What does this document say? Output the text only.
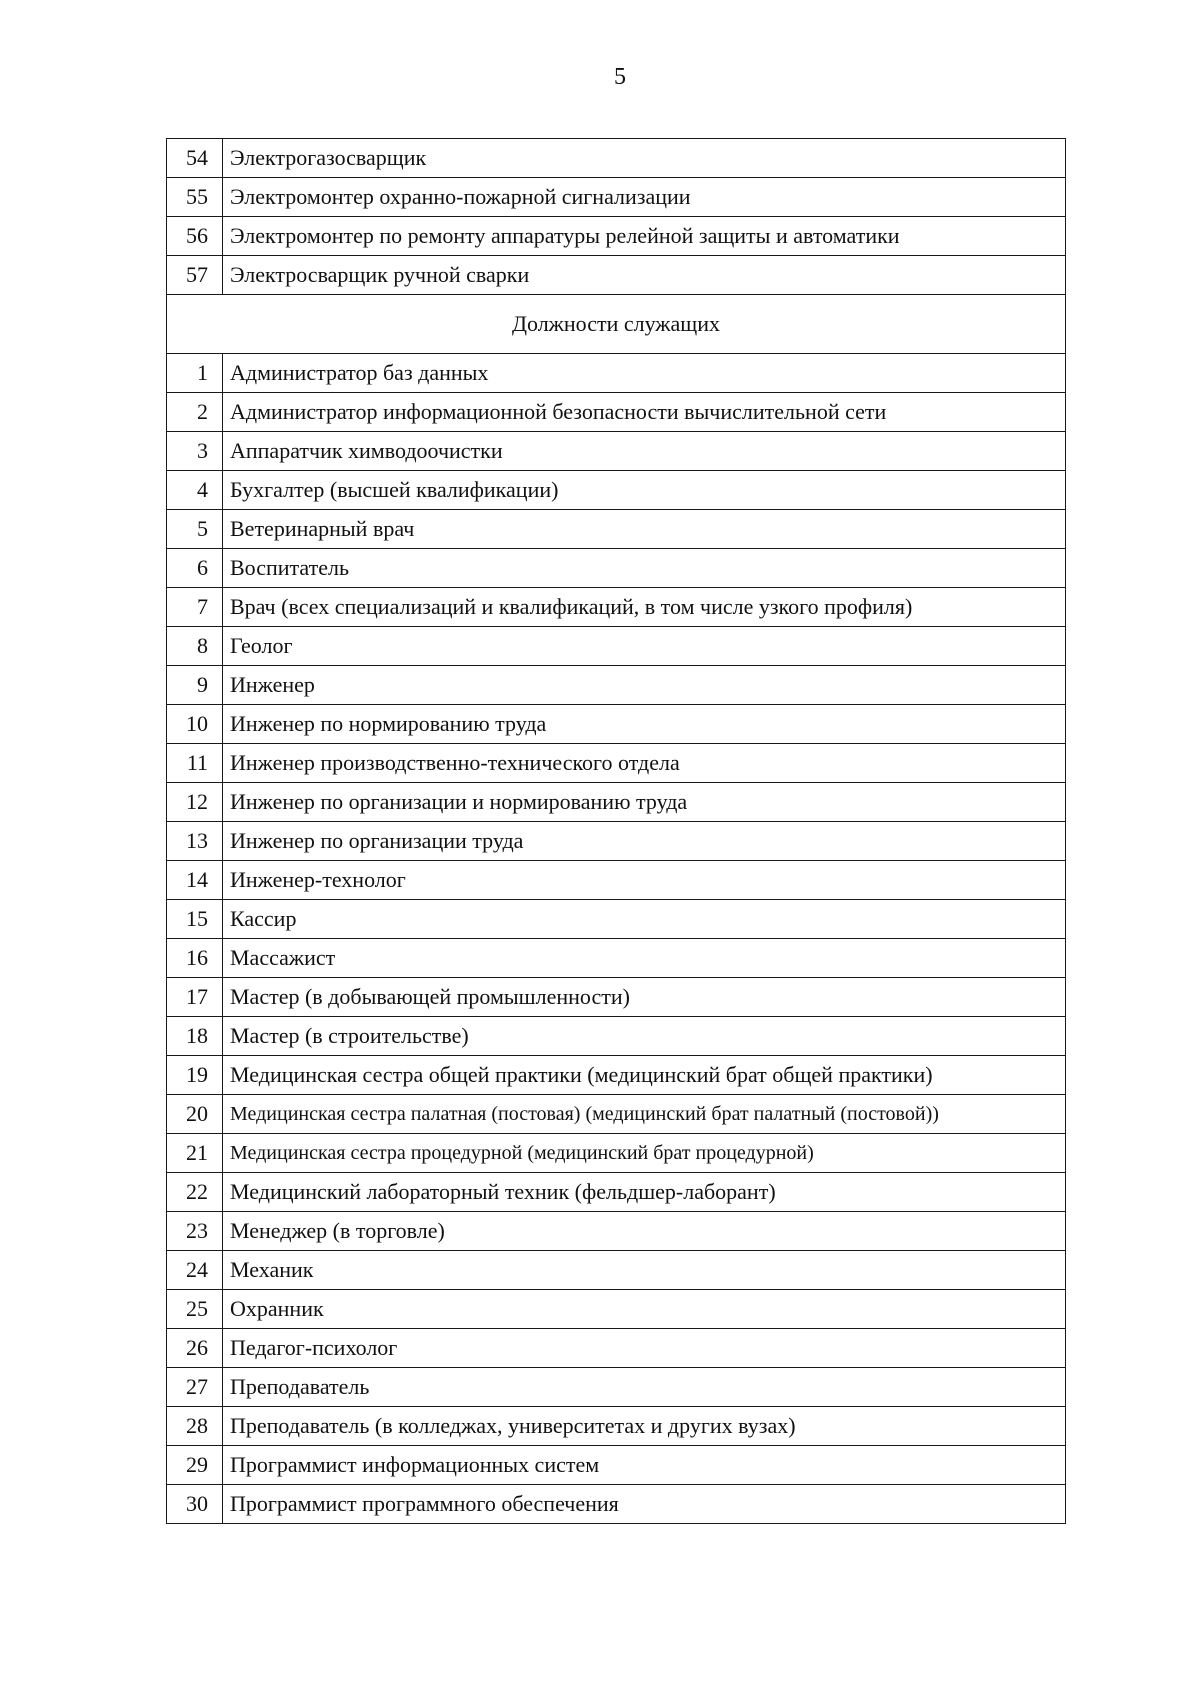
5
54	Электрогазосварщик
55	Электромонтер охранно-пожарной сигнализации
56	Электромонтер по ремонту аппаратуры релейной защиты и автоматики
57	Электросварщик ручной сварки
Должности служащих	
1	Администратор баз данных
2	Администратор информационной безопасности вычислительной сети
3	Аппаратчик химводоочистки
4	Бухгалтер (высшей квалификации)
5	Ветеринарный врач
6	Воспитатель
7	Врач (всех специализаций и квалификаций, в том числе узкого профиля)
8	Геолог
9	Инженер
10	Инженер по нормированию труда
11	Инженер производственно-технического отдела
12	Инженер по организации и нормированию труда
13	Инженер по организации труда
14	Инженер-технолог
15	Кассир
16	Массажист
17	Мастер (в добывающей промышленности)
18	Мастер (в строительстве)
19	Медицинская сестра общей практики (медицинский брат общей практики)
20	Медицинская сестра палатная (постовая) (медицинский брат палатный (постовой))
21	Медицинская сестра процедурной (медицинский брат процедурной)
22	Медицинский лабораторный техник (фельдшер-лаборант)
23	Менеджер (в торговле)
24	Механик
25	Охранник
26	Педагог-психолог
27	Преподаватель
28	Преподаватель (в колледжах, университетах и других вузах)
29	Программист информационных систем
30	Программист программного обеспечения
